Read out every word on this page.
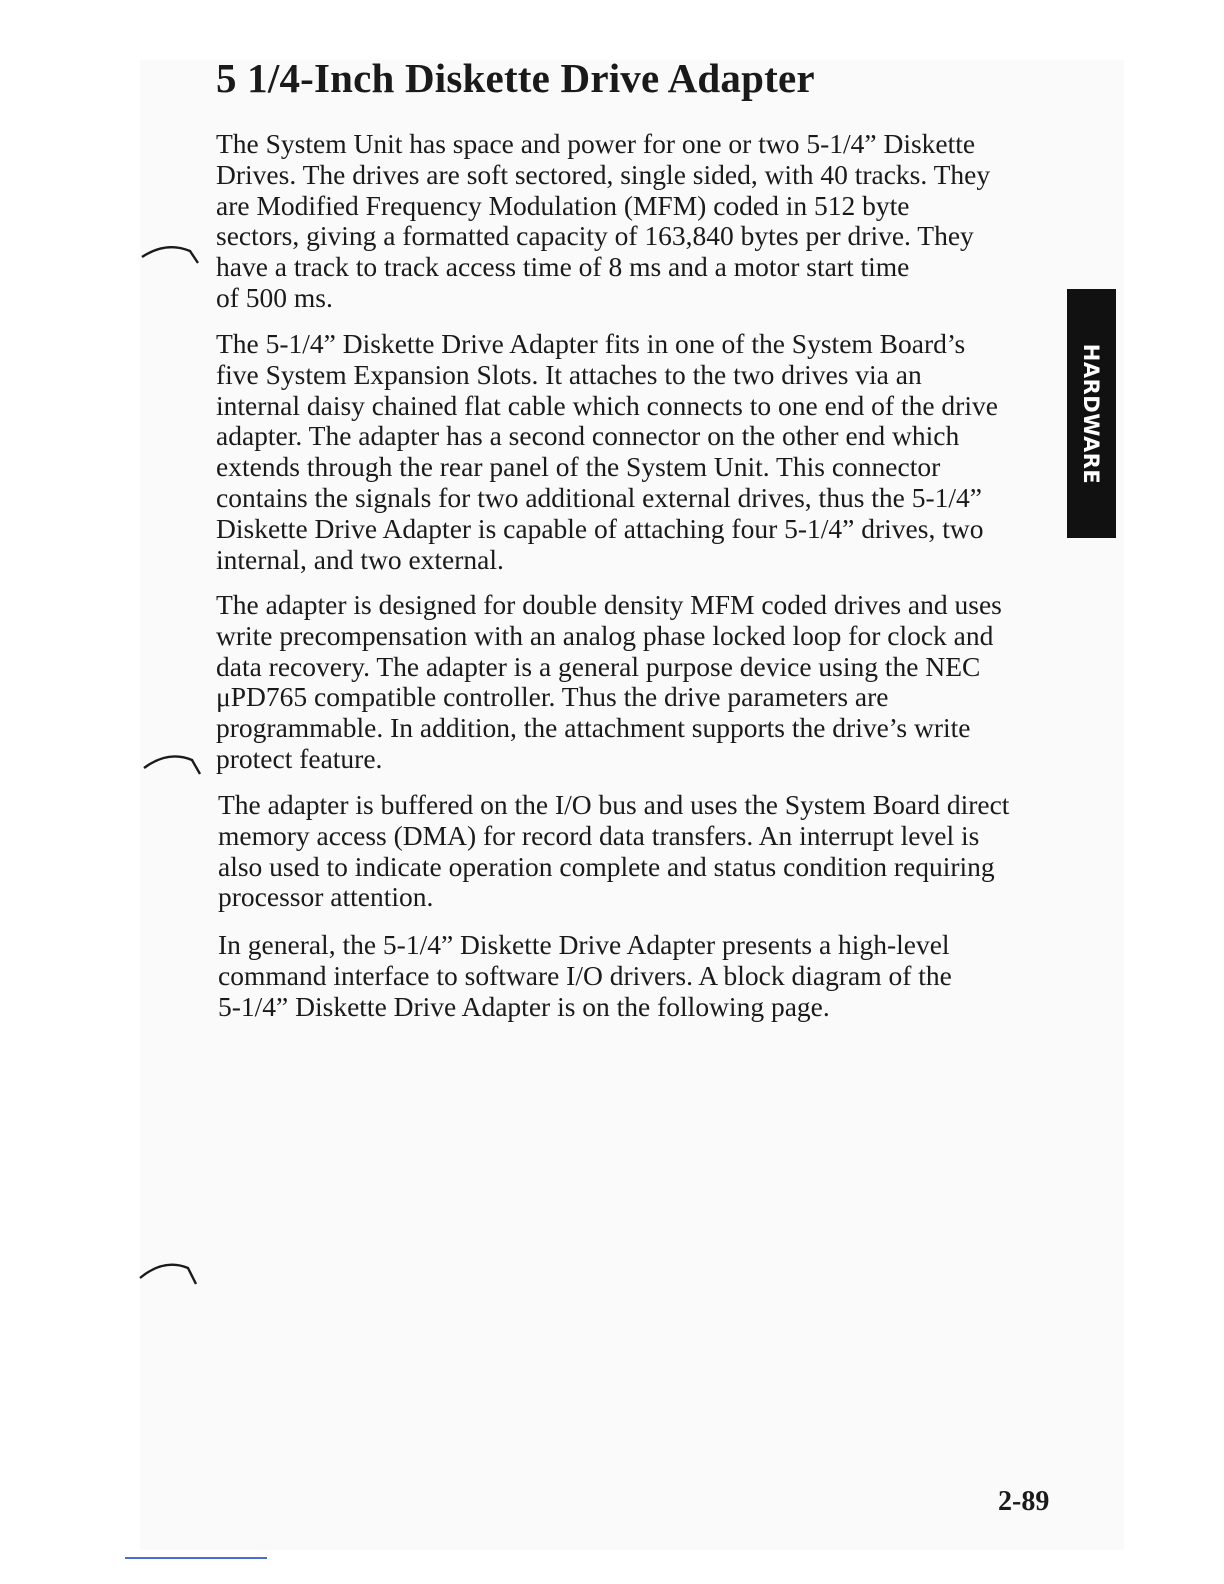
5 1/4-Inch Diskette Drive Adapter
The System Unit has space and power for one or two 5-1/4” Diskette
Drives. The drives are soft sectored, single sided, with 40 tracks. They
are Modified Frequency Modulation (MFM) coded in 512 byte
sectors, giving a formatted capacity of 163,840 bytes per drive. They
have a track to track access time of 8 ms and a motor start time
of 500 ms.
The 5-1/4” Diskette Drive Adapter fits in one of the System Board’s
five System Expansion Slots. It attaches to the two drives via an
internal daisy chained flat cable which connects to one end of the drive
adapter. The adapter has a second connector on the other end which
extends through the rear panel of the System Unit. This connector
contains the signals for two additional external drives, thus the 5-1/4”
Diskette Drive Adapter is capable of attaching four 5-1/4” drives, two
internal, and two external.
The adapter is designed for double density MFM coded drives and uses
write precompensation with an analog phase locked loop for clock and
data recovery. The adapter is a general purpose device using the NEC
μPD765 compatible controller. Thus the drive parameters are
programmable. In addition, the attachment supports the drive’s write
protect feature.
The adapter is buffered on the I/O bus and uses the System Board direct
memory access (DMA) for record data transfers. An interrupt level is
also used to indicate operation complete and status condition requiring
processor attention.
In general, the 5-1/4” Diskette Drive Adapter presents a high-level
command interface to software I/O drivers. A block diagram of the
5-1/4” Diskette Drive Adapter is on the following page.
HARDWARE

2-89
